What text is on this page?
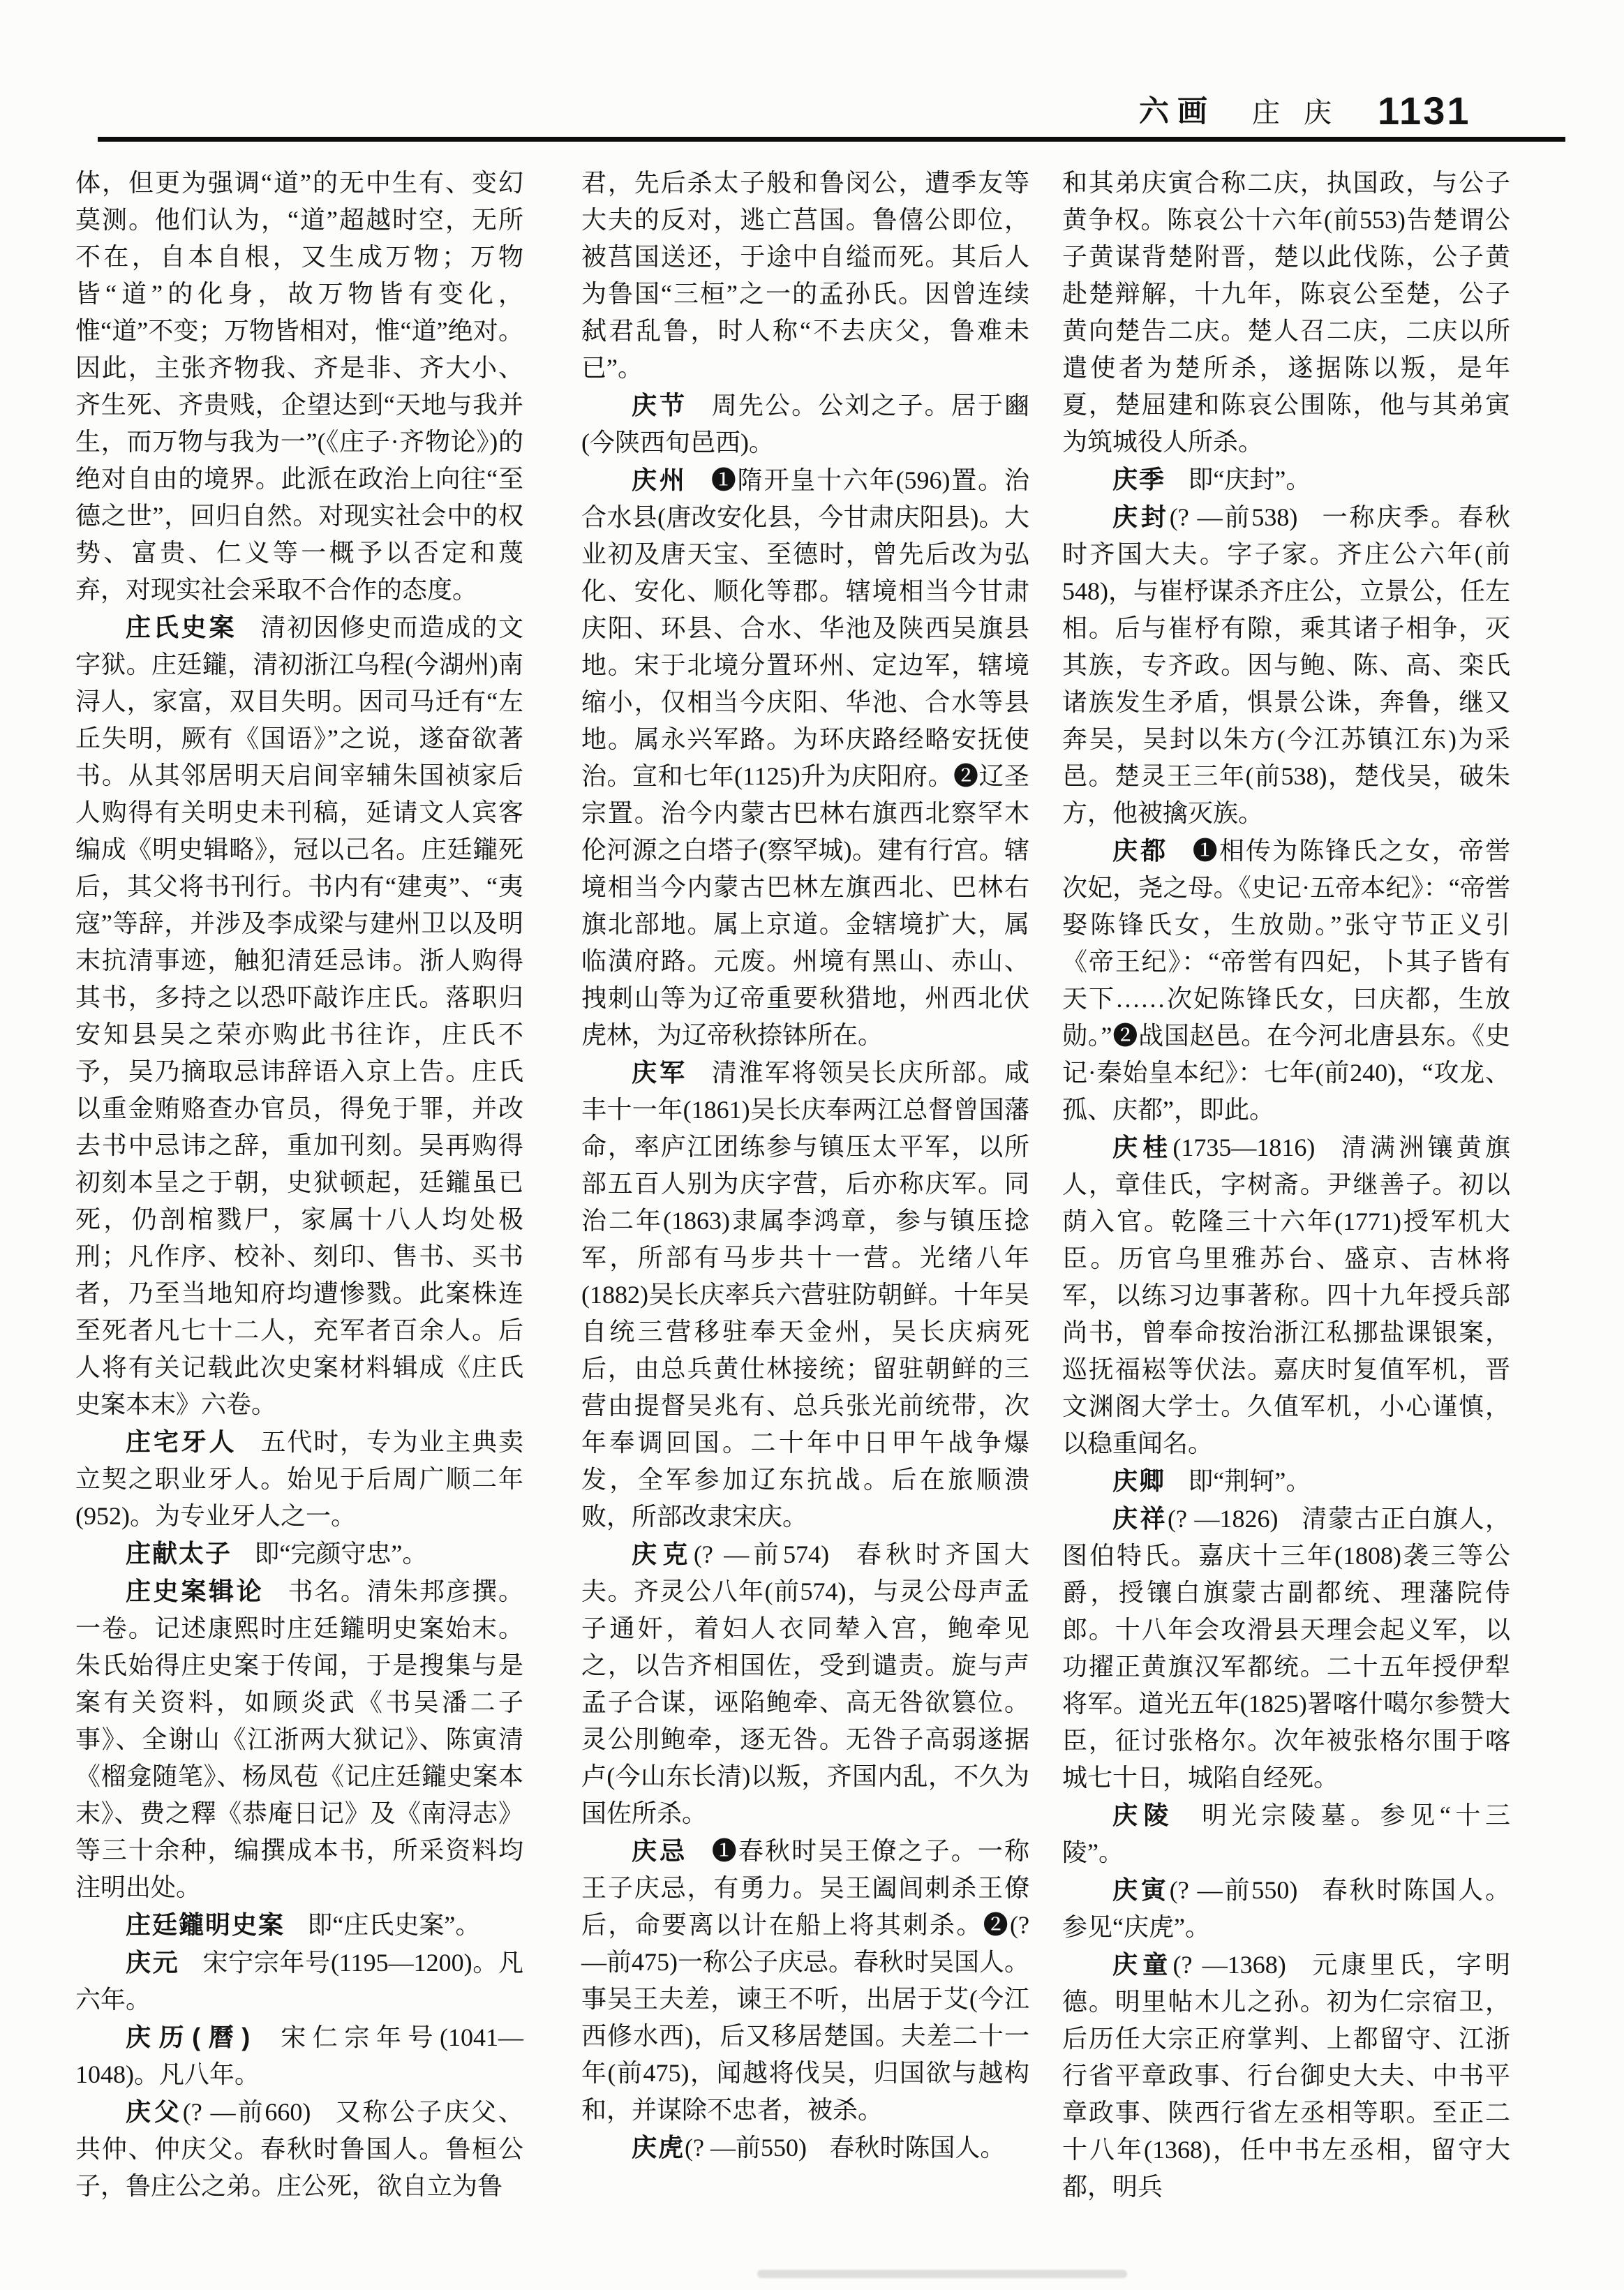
六画 庄 庆 1131
体，但更为强调“道”的无中生有、变幻莫测。他们认为，“道”超越时空，无所不在，自本自根，又生成万物；万物皆“道”的化身，故万物皆有变化，惟“道”不变；万物皆相对，惟“道”绝对。因此，主张齐物我、齐是非、齐大小、齐生死、齐贵贱，企望达到“天地与我并生，而万物与我为一”(《庄子·齐物论》)的绝对自由的境界。此派在政治上向往“至德之世”，回归自然。对现实社会中的权势、富贵、仁义等一概予以否定和蔑弃，对现实社会采取不合作的态度。
庄氏史案 清初因修史而造成的文字狱。庄廷鑨，清初浙江乌程(今湖州)南浔人，家富，双目失明。因司马迁有“左丘失明，厥有《国语》”之说，遂奋欲著书。从其邻居明天启间宰辅朱国祯家后人购得有关明史未刊稿，延请文人宾客编成《明史辑略》，冠以己名。庄廷鑨死后，其父将书刊行。书内有“建夷”、“夷寇”等辞，并涉及李成梁与建州卫以及明末抗清事迹，触犯清廷忌讳。浙人购得其书，多持之以恐吓敲诈庄氏。落职归安知县吴之荣亦购此书往诈，庄氏不予，吴乃摘取忌讳辞语入京上告。庄氏以重金贿赂查办官员，得免于罪，并改去书中忌讳之辞，重加刊刻。吴再购得初刻本呈之于朝，史狱顿起，廷鑨虽已死，仍剖棺戮尸，家属十八人均处极刑；凡作序、校补、刻印、售书、买书者，乃至当地知府均遭惨戮。此案株连至死者凡七十二人，充军者百余人。后人将有关记载此次史案材料辑成《庄氏史案本末》六卷。
庄宅牙人 五代时，专为业主典卖立契之职业牙人。始见于后周广顺二年(952)。为专业牙人之一。
庄献太子 即“完颜守忠”。
庄史案辑论 书名。清朱邦彦撰。一卷。记述康熙时庄廷鑨明史案始末。朱氏始得庄史案于传闻，于是搜集与是案有关资料，如顾炎武《书吴潘二子事》、全谢山《江浙两大狱记》、陈寅清《榴龛随笔》、杨凤苞《记庄廷鑨史案本末》、费之釋《恭庵日记》及《南浔志》等三十余种，编撰成本书，所采资料均注明出处。
庄廷鑨明史案 即“庄氏史案”。
庆元 宋宁宗年号(1195—1200)。凡六年。
庆历(曆) 宋仁宗年号(1041—1048)。凡八年。
庆父(? —前660) 又称公子庆父、共仲、仲庆父。春秋时鲁国人。鲁桓公子，鲁庄公之弟。庄公死，欲自立为鲁
君，先后杀太子般和鲁闵公，遭季友等大夫的反对，逃亡莒国。鲁僖公即位，被莒国送还，于途中自缢而死。其后人为鲁国“三桓”之一的孟孙氏。因曾连续弑君乱鲁，时人称“不去庆父，鲁难未已”。
庆节 周先公。公刘之子。居于豳(今陕西旬邑西)。
庆州 ❶隋开皇十六年(596)置。治合水县(唐改安化县，今甘肃庆阳县)。大业初及唐天宝、至德时，曾先后改为弘化、安化、顺化等郡。辖境相当今甘肃庆阳、环县、合水、华池及陕西吴旗县地。宋于北境分置环州、定边军，辖境缩小，仅相当今庆阳、华池、合水等县地。属永兴军路。为环庆路经略安抚使治。宣和七年(1125)升为庆阳府。❷辽圣宗置。治今内蒙古巴林右旗西北察罕木伦河源之白塔子(察罕城)。建有行宫。辖境相当今内蒙古巴林左旗西北、巴林右旗北部地。属上京道。金辖境扩大，属临潢府路。元废。州境有黑山、赤山、拽刺山等为辽帝重要秋猎地，州西北伏虎林，为辽帝秋捺钵所在。
庆军 清淮军将领吴长庆所部。咸丰十一年(1861)吴长庆奉两江总督曾国藩命，率庐江团练参与镇压太平军，以所部五百人别为庆字营，后亦称庆军。同治二年(1863)隶属李鸿章，参与镇压捻军，所部有马步共十一营。光绪八年(1882)吴长庆率兵六营驻防朝鲜。十年吴自统三营移驻奉天金州，吴长庆病死后，由总兵黄仕林接统；留驻朝鲜的三营由提督吴兆有、总兵张光前统带，次年奉调回国。二十年中日甲午战争爆发，全军参加辽东抗战。后在旅顺溃败，所部改隶宋庆。
庆克(? —前574) 春秋时齐国大夫。齐灵公八年(前574)，与灵公母声孟子通奸，着妇人衣同辇入宫，鲍牵见之，以告齐相国佐，受到谴责。旋与声孟子合谋，诬陷鲍牵、高无咎欲篡位。灵公刖鲍牵，逐无咎。无咎子高弱遂据卢(今山东长清)以叛，齐国内乱，不久为国佐所杀。
庆忌 ❶春秋时吴王僚之子。一称王子庆忌，有勇力。吴王阖闾刺杀王僚后，命要离以计在船上将其刺杀。❷(? —前475)一称公子庆忌。春秋时吴国人。事吴王夫差，谏王不听，出居于艾(今江西修水西)，后又移居楚国。夫差二十一年(前475)，闻越将伐吴，归国欲与越构和，并谋除不忠者，被杀。
庆虎(? —前550) 春秋时陈国人。
和其弟庆寅合称二庆，执国政，与公子黄争权。陈哀公十六年(前553)告楚谓公子黄谋背楚附晋，楚以此伐陈，公子黄赴楚辩解，十九年，陈哀公至楚，公子黄向楚告二庆。楚人召二庆，二庆以所遣使者为楚所杀，遂据陈以叛，是年夏，楚屈建和陈哀公围陈，他与其弟寅为筑城役人所杀。
庆季 即“庆封”。
庆封(? —前538) 一称庆季。春秋时齐国大夫。字子家。齐庄公六年(前548)，与崔杼谋杀齐庄公，立景公，任左相。后与崔杼有隙，乘其诸子相争，灭其族，专齐政。因与鲍、陈、高、栾氏诸族发生矛盾，惧景公诛，奔鲁，继又奔吴，吴封以朱方(今江苏镇江东)为采邑。楚灵王三年(前538)，楚伐吴，破朱方，他被擒灭族。
庆都 ❶相传为陈锋氏之女，帝喾次妃，尧之母。《史记·五帝本纪》：“帝喾娶陈锋氏女，生放勋。”张守节正义引《帝王纪》：“帝喾有四妃，卜其子皆有天下……次妃陈锋氏女，曰庆都，生放勋。”❷战国赵邑。在今河北唐县东。《史记·秦始皇本纪》：七年(前240)，“攻龙、孤、庆都”，即此。
庆桂(1735—1816) 清满洲镶黄旗人，章佳氏，字树斋。尹继善子。初以荫入官。乾隆三十六年(1771)授军机大臣。历官乌里雅苏台、盛京、吉林将军，以练习边事著称。四十九年授兵部尚书，曾奉命按治浙江私挪盐课银案，巡抚福崧等伏法。嘉庆时复值军机，晋文渊阁大学士。久值军机，小心谨慎，以稳重闻名。
庆卿 即“荆轲”。
庆祥(? —1826) 清蒙古正白旗人，图伯特氏。嘉庆十三年(1808)袭三等公爵，授镶白旗蒙古副都统、理藩院侍郎。十八年会攻滑县天理会起义军，以功擢正黄旗汉军都统。二十五年授伊犁将军。道光五年(1825)署喀什噶尔参赞大臣，征讨张格尔。次年被张格尔围于喀城七十日，城陷自经死。
庆陵 明光宗陵墓。参见“十三陵”。
庆寅(? —前550) 春秋时陈国人。参见“庆虎”。
庆童(? —1368) 元康里氏，字明德。明里帖木儿之孙。初为仁宗宿卫，后历任大宗正府掌判、上都留守、江浙行省平章政事、行台御史大夫、中书平章政事、陕西行省左丞相等职。至正二十八年(1368)，任中书左丞相，留守大都，明兵
